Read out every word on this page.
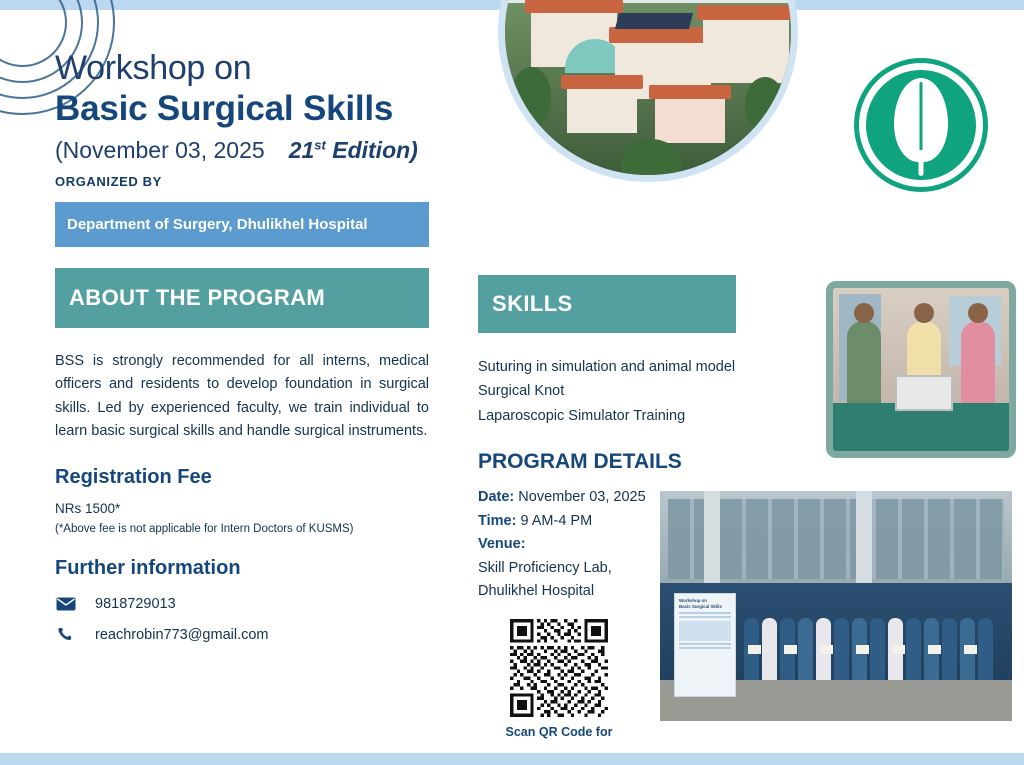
Workshop on
Basic Surgical Skills
(November 03, 2025 21st Edition)
ORGANIZED BY
Department of Surgery, Dhulikhel Hospital
ABOUT THE PROGRAM
BSS is strongly recommended for all interns, medical officers and residents to develop foundation in surgical skills. Led by experienced faculty, we train individual to learn basic surgical skills and handle surgical instruments.
Registration Fee
NRs 1500*
(*Above fee is not applicable for Intern Doctors of KUSMS)
Further information
9818729013
reachrobin773@gmail.com
SKILLS
Suturing in simulation and animal model
Surgical Knot
Laparoscopic Simulator Training
PROGRAM DETAILS
Date: November 03, 2025
Time: 9 AM-4 PM
Venue:
Skill Proficiency Lab,
Dhulikhel Hospital
Workshop on
Basic Surgical Skills
Scan QR Code for
